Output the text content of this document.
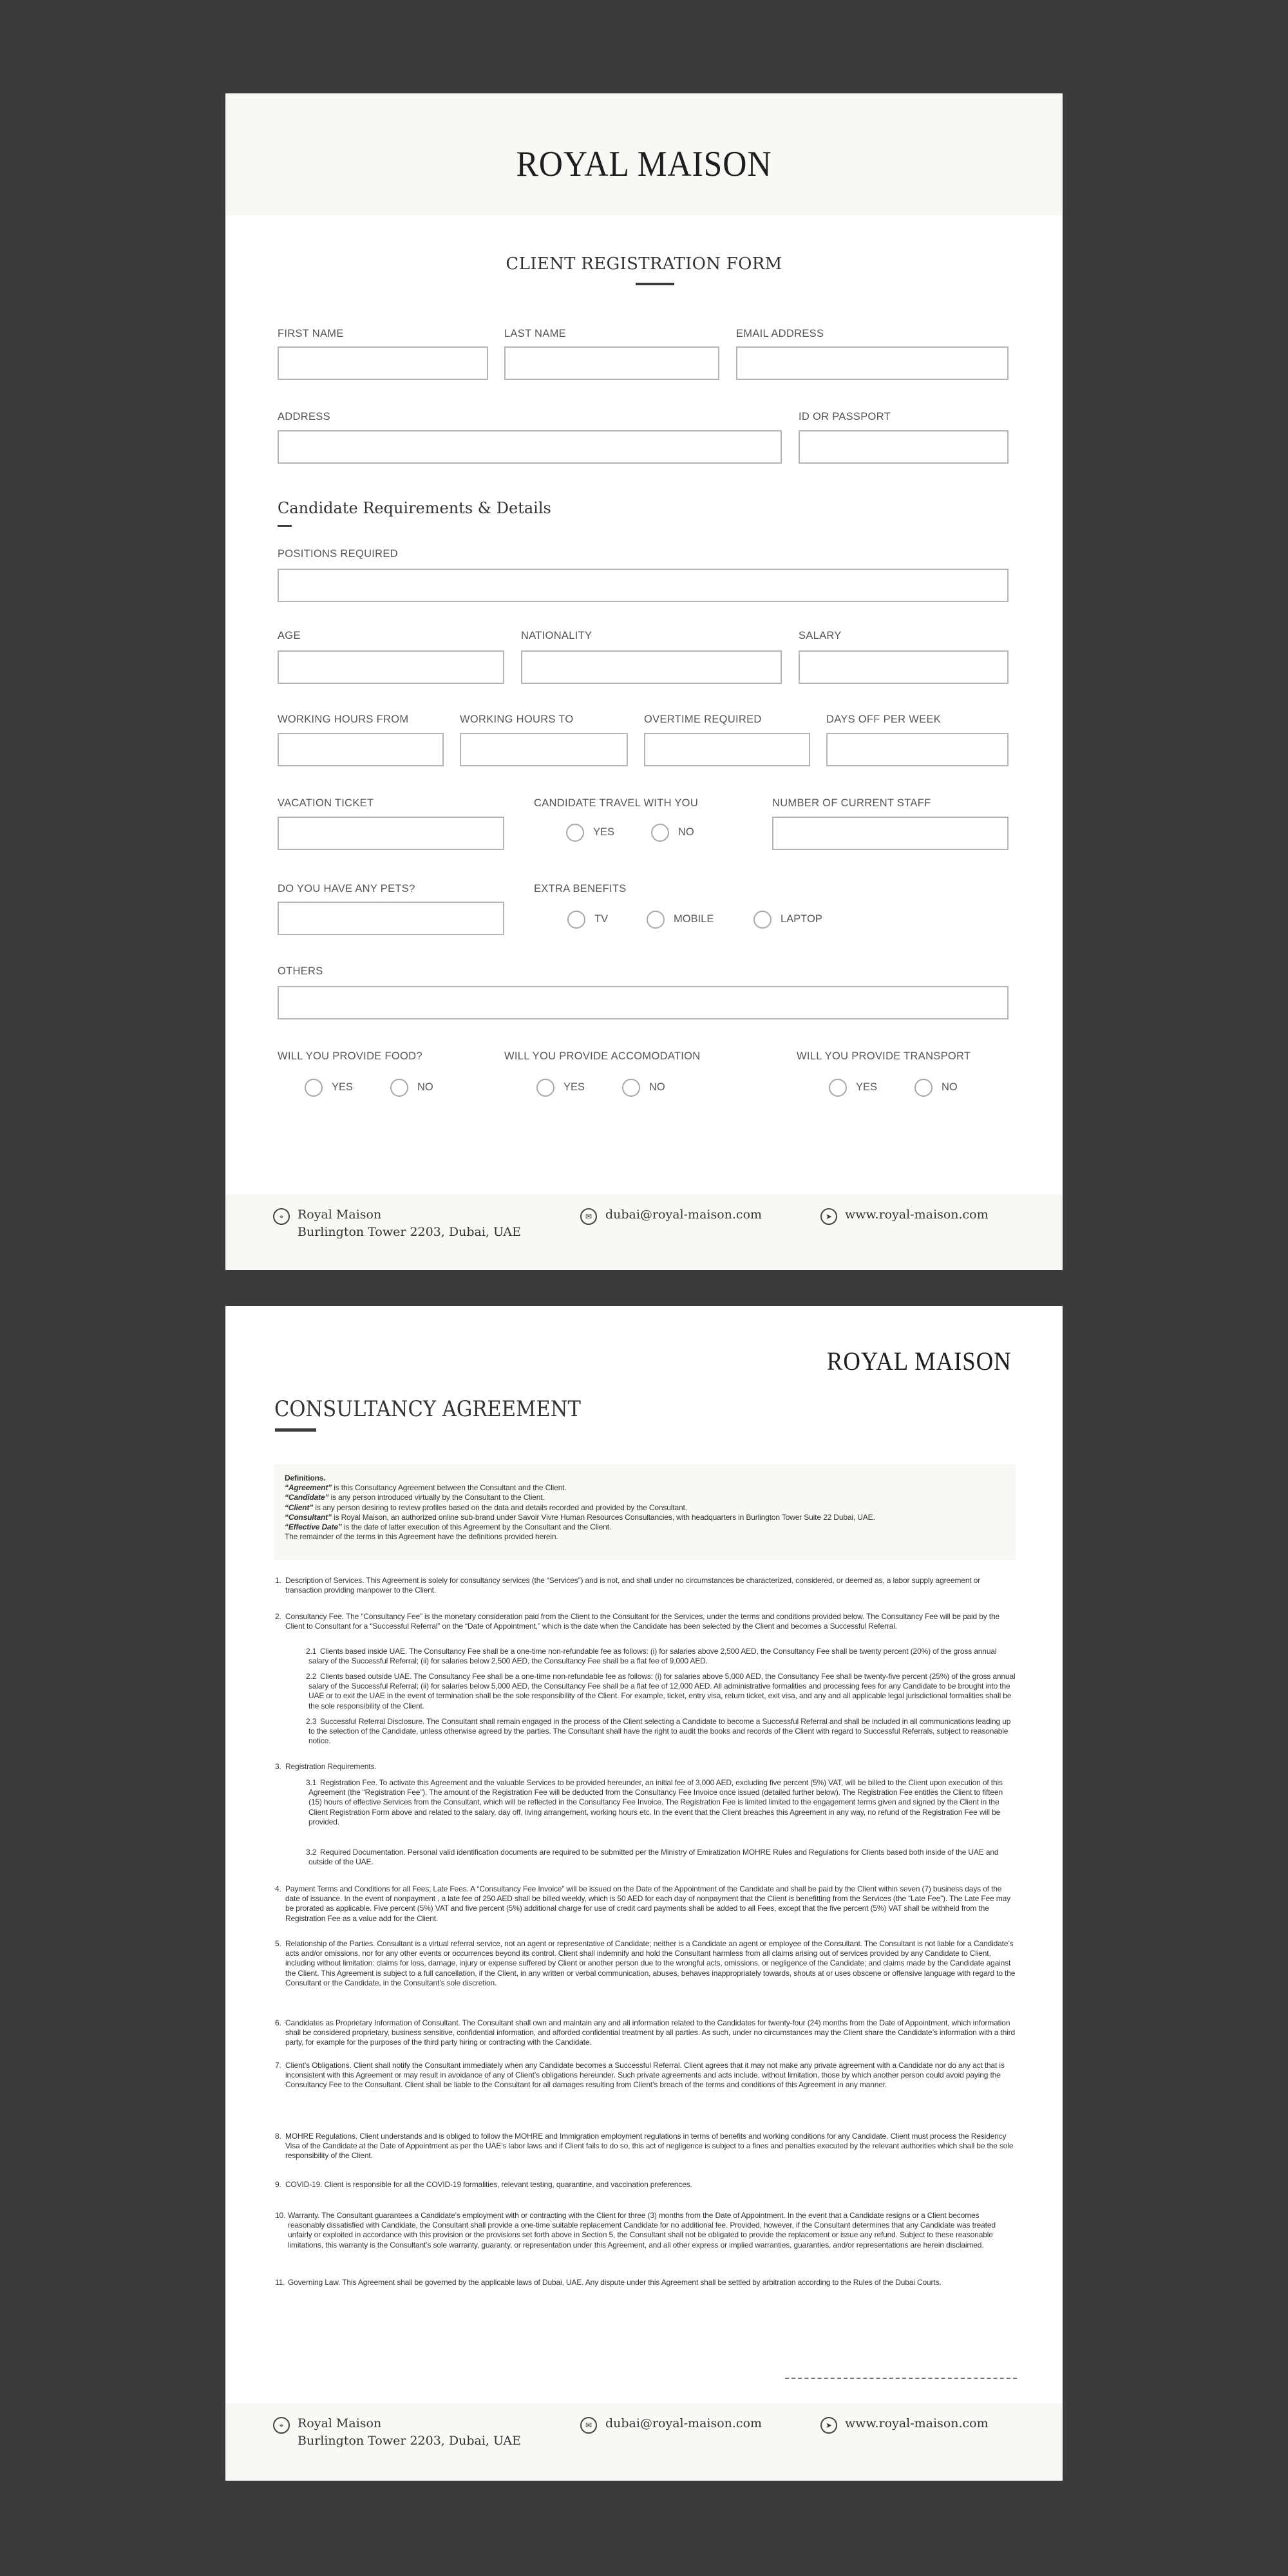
ROYAL MAISON
CLIENT REGISTRATION FORM
FIRST NAME	LAST NAME	EMAIL ADDRESS
ADDRESS	ID OR PASSPORT
Candidate Requirements & Details
POSITIONS REQUIRED
AGE	NATIONALITY	SALARY
WORKING HOURS FROM	WORKING HOURS TO	OVERTIME REQUIRED	DAYS OFF PER WEEK
VACATION TICKET	CANDIDATE TRAVEL WITH YOU
YES	NO
NUMBER OF CURRENT STAFF
DO YOU HAVE ANY PETS?	EXTRA BENEFITS
TV	MOBILE	LAPTOP
OTHERS
WILL YOU PROVIDE FOOD?
YES	NO
WILL YOU PROVIDE ACCOMODATION
YES	NO
WILL YOU PROVIDE TRANSPORT
YES	NO
⌖	Royal Maison
Burlington Tower 2203, Dubai, UAE
✉	dubai@royal-maison.com	➤	www.royal-maison.com
ROYAL MAISON
CONSULTANCY AGREEMENT

Definitions.

“Agreement” is this Consultancy Agreement between the Consultant and the Client.

“Candidate” is any person introduced virtually by the Consultant to the Client.

“Client” is any person desiring to review profiles based on the data and details recorded and provided by the Consultant.

“Consultant” is Royal Maison, an authorized online sub-brand under Savoir Vivre Human Resources Consultancies, with headquarters in Burlington Tower Suite 22 Dubai, UAE.

“Effective Date” is the date of latter execution of this Agreement by the Consultant and the Client.

The remainder of the terms in this Agreement have the definitions provided herein.

1. Description of Services. This Agreement is solely for consultancy services (the “Services”) and is not, and shall under no circumstances be characterized, considered, or deemed as, a labor supply agreement or transaction providing manpower to the Client.
2. Consultancy Fee. The “Consultancy Fee” is the monetary consideration paid from the Client to the Consultant for the Services, under the terms and conditions provided below. The Consultancy Fee will be paid by the Client to Consultant for a “Successful Referral” on the “Date of Appointment,” which is the date when the Candidate has been selected by the Client and becomes a Successful Referral.
2.1 Clients based inside UAE. The Consultancy Fee shall be a one-time non-refundable fee as follows: (i) for salaries above 2,500 AED, the Consultancy Fee shall be twenty percent (20%) of the gross annual salary of the Successful Referral; (ii) for salaries below 2,500 AED, the Consultancy Fee shall be a flat fee of 9,000 AED.
2.2 Clients based outside UAE. The Consultancy Fee shall be a one-time non-refundable fee as follows: (i) for salaries above 5,000 AED, the Consultancy Fee shall be twenty-five percent (25%) of the gross annual salary of the Successful Referral; (ii) for salaries below 5,000 AED, the Consultancy Fee shall be a flat fee of 12,000 AED. All administrative formalities and processing fees for any Candidate to be brought into the UAE or to exit the UAE in the event of termination shall be the sole responsibility of the Client. For example, ticket, entry visa, return ticket, exit visa, and any and all applicable legal jurisdictional formalities shall be the sole responsibility of the Client.
2.3 Successful Referral Disclosure. The Consultant shall remain engaged in the process of the Client selecting a Candidate to become a Successful Referral and shall be included in all communications leading up to the selection of the Candidate, unless otherwise agreed by the parties. The Consultant shall have the right to audit the books and records of the Client with regard to Successful Referrals, subject to reasonable notice.
3. Registration Requirements.
3.1 Registration Fee. To activate this Agreement and the valuable Services to be provided hereunder, an initial fee of 3,000 AED, excluding five percent (5%) VAT, will be billed to the Client upon execution of this Agreement (the “Registration Fee”). The amount of the Registration Fee will be deducted from the Consultancy Fee Invoice once issued (detailed further below). The Registration Fee entitles the Client to fifteen (15) hours of effective Services from the Consultant, which will be reflected in the Consultancy Fee Invoice. The Registration Fee is limited limited to the engagement terms given and signed by the Client in the Client Registration Form above and related to the salary, day off, living arrangement, working hours etc. In the event that the Client breaches this Agreement in any way, no refund of the Registration Fee will be provided.
3.2 Required Documentation. Personal valid identification documents are required to be submitted per the Ministry of Emiratization MOHRE Rules and Regulations for Clients based both inside of the UAE and outside of the UAE.
4. Payment Terms and Conditions for all Fees; Late Fees. A “Consultancy Fee Invoice” will be issued on the Date of the Appointment of the Candidate and shall be paid by the Client within seven (7) business days of the date of issuance. In the event of nonpayment , a late fee of 250 AED shall be billed weekly, which is 50 AED for each day of nonpayment that the Client is benefitting from the Services (the “Late Fee”). The Late Fee may be prorated as applicable. Five percent (5%) VAT and five percent (5%) additional charge for use of credit card payments shall be added to all Fees, except that the five percent (5%) VAT shall be withheld from the Registration Fee as a value add for the Client.
5. Relationship of the Parties. Consultant is a virtual referral service, not an agent or representative of Candidate; neither is a Candidate an agent or employee of the Consultant. The Consultant is not liable for a Candidate’s acts and/or omissions, nor for any other events or occurrences beyond its control. Client shall indemnify and hold the Consultant harmless from all claims arising out of services provided by any Candidate to Client, including without limitation: claims for loss, damage, injury or expense suffered by Client or another person due to the wrongful acts, omissions, or negligence of the Candidate; and claims made by the Candidate against the Client. This Agreement is subject to a full cancellation, if the Client, in any written or verbal communication, abuses, behaves inappropriately towards, shouts at or uses obscene or offensive language with regard to the Consultant or the Candidate, in the Consultant’s sole discretion.
6. Candidates as Proprietary Information of Consultant. The Consultant shall own and maintain any and all information related to the Candidates for twenty-four (24) months from the Date of Appointment, which information shall be considered proprietary, business sensitive, confidential information, and afforded confidential treatment by all parties. As such, under no circumstances may the Client share the Candidate’s information with a third party, for example for the purposes of the third party hiring or contracting with the Candidate.
7. Client’s Obligations. Client shall notify the Consultant immediately when any Candidate becomes a Successful Referral. Client agrees that it may not make any private agreement with a Candidate nor do any act that is inconsistent with this Agreement or may result in avoidance of any of Client’s obligations hereunder. Such private agreements and acts include, without limitation, those by which another person could avoid paying the Consultancy Fee to the Consultant. Client shall be liable to the Consultant for all damages resulting from Client’s breach of the terms and conditions of this Agreement in any manner.
8. MOHRE Regulations. Client understands and is obliged to follow the MOHRE and Immigration employment regulations in terms of benefits and working conditions for any Candidate. Client must process the Residency Visa of the Candidate at the Date of Appointment as per the UAE’s labor laws and if Client fails to do so, this act of negligence is subject to a fines and penalties executed by the relevant authorities which shall be the sole responsibility of the Client.
9. COVID-19. Client is responsible for all the COVID-19 formalities, relevant testing, quarantine, and vaccination preferences.
10. Warranty. The Consultant guarantees a Candidate’s employment with or contracting with the Client for three (3) months from the Date of Appointment. In the event that a Candidate resigns or a Client becomes reasonably dissatisfied with Candidate, the Consultant shall provide a one-time suitable replacement Candidate for no additional fee. Provided, however, if the Consultant determines that any Candidate was treated unfairly or exploited in accordance with this provision or the provisions set forth above in Section 5, the Consultant shall not be obligated to provide the replacement or issue any refund. Subject to these reasonable limitations, this warranty is the Consultant’s sole warranty, guaranty, or representation under this Agreement, and all other express or implied warranties, guaranties, and/or representations are herein disclaimed.
11. Governing Law. This Agreement shall be governed by the applicable laws of Dubai, UAE. Any dispute under this Agreement shall be settled by arbitration according to the Rules of the Dubai Courts.
⌖	Royal Maison
Burlington Tower 2203, Dubai, UAE
✉	dubai@royal-maison.com	➤	www.royal-maison.com
